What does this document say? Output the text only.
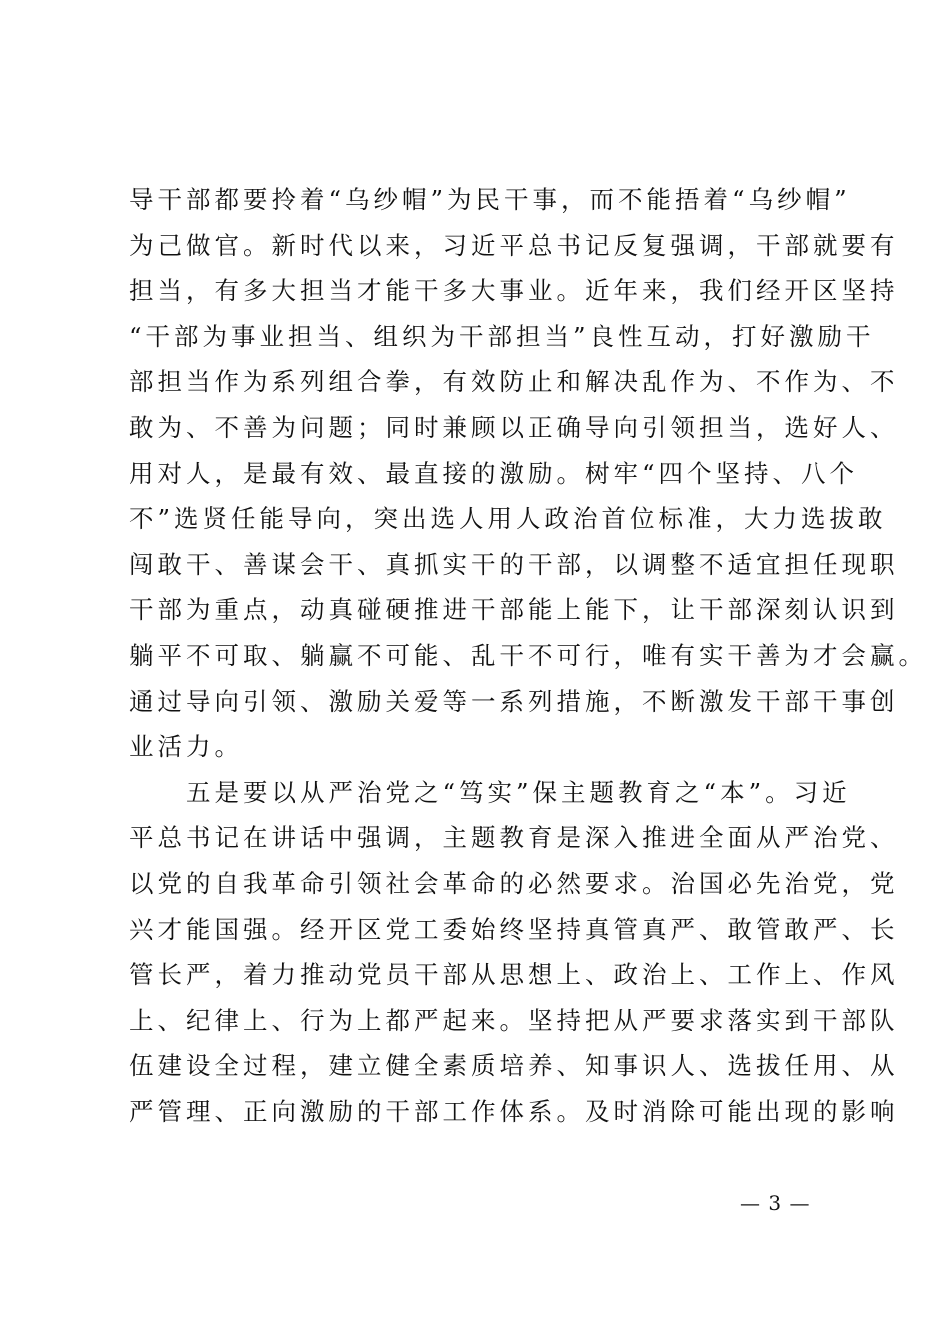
导干部都要拎着“乌纱帽”为民干事，而不能捂着“乌纱帽”
为己做官。新时代以来，习近平总书记反复强调，干部就要有
担当，有多大担当才能干多大事业。近年来，我们经开区坚持
“干部为事业担当、组织为干部担当”良性互动，打好激励干
部担当作为系列组合拳，有效防止和解决乱作为、不作为、不
敢为、不善为问题；同时兼顾以正确导向引领担当，选好人、
用对人，是最有效、最直接的激励。树牢“四个坚持、八个
不”选贤任能导向，突出选人用人政治首位标准，大力选拔敢
闯敢干、善谋会干、真抓实干的干部，以调整不适宜担任现职
干部为重点，动真碰硬推进干部能上能下，让干部深刻认识到
躺平不可取、躺赢不可能、乱干不可行，唯有实干善为才会赢。
通过导向引领、激励关爱等一系列措施，不断激发干部干事创
业活力。
　　五是要以从严治党之“笃实”保主题教育之“本”。习近
平总书记在讲话中强调，主题教育是深入推进全面从严治党、
以党的自我革命引领社会革命的必然要求。治国必先治党，党
兴才能国强。经开区党工委始终坚持真管真严、敢管敢严、长
管长严，着力推动党员干部从思想上、政治上、工作上、作风
上、纪律上、行为上都严起来。坚持把从严要求落实到干部队
伍建设全过程，建立健全素质培养、知事识人、选拔任用、从
严管理、正向激励的干部工作体系。及时消除可能出现的影响
— 3 —
